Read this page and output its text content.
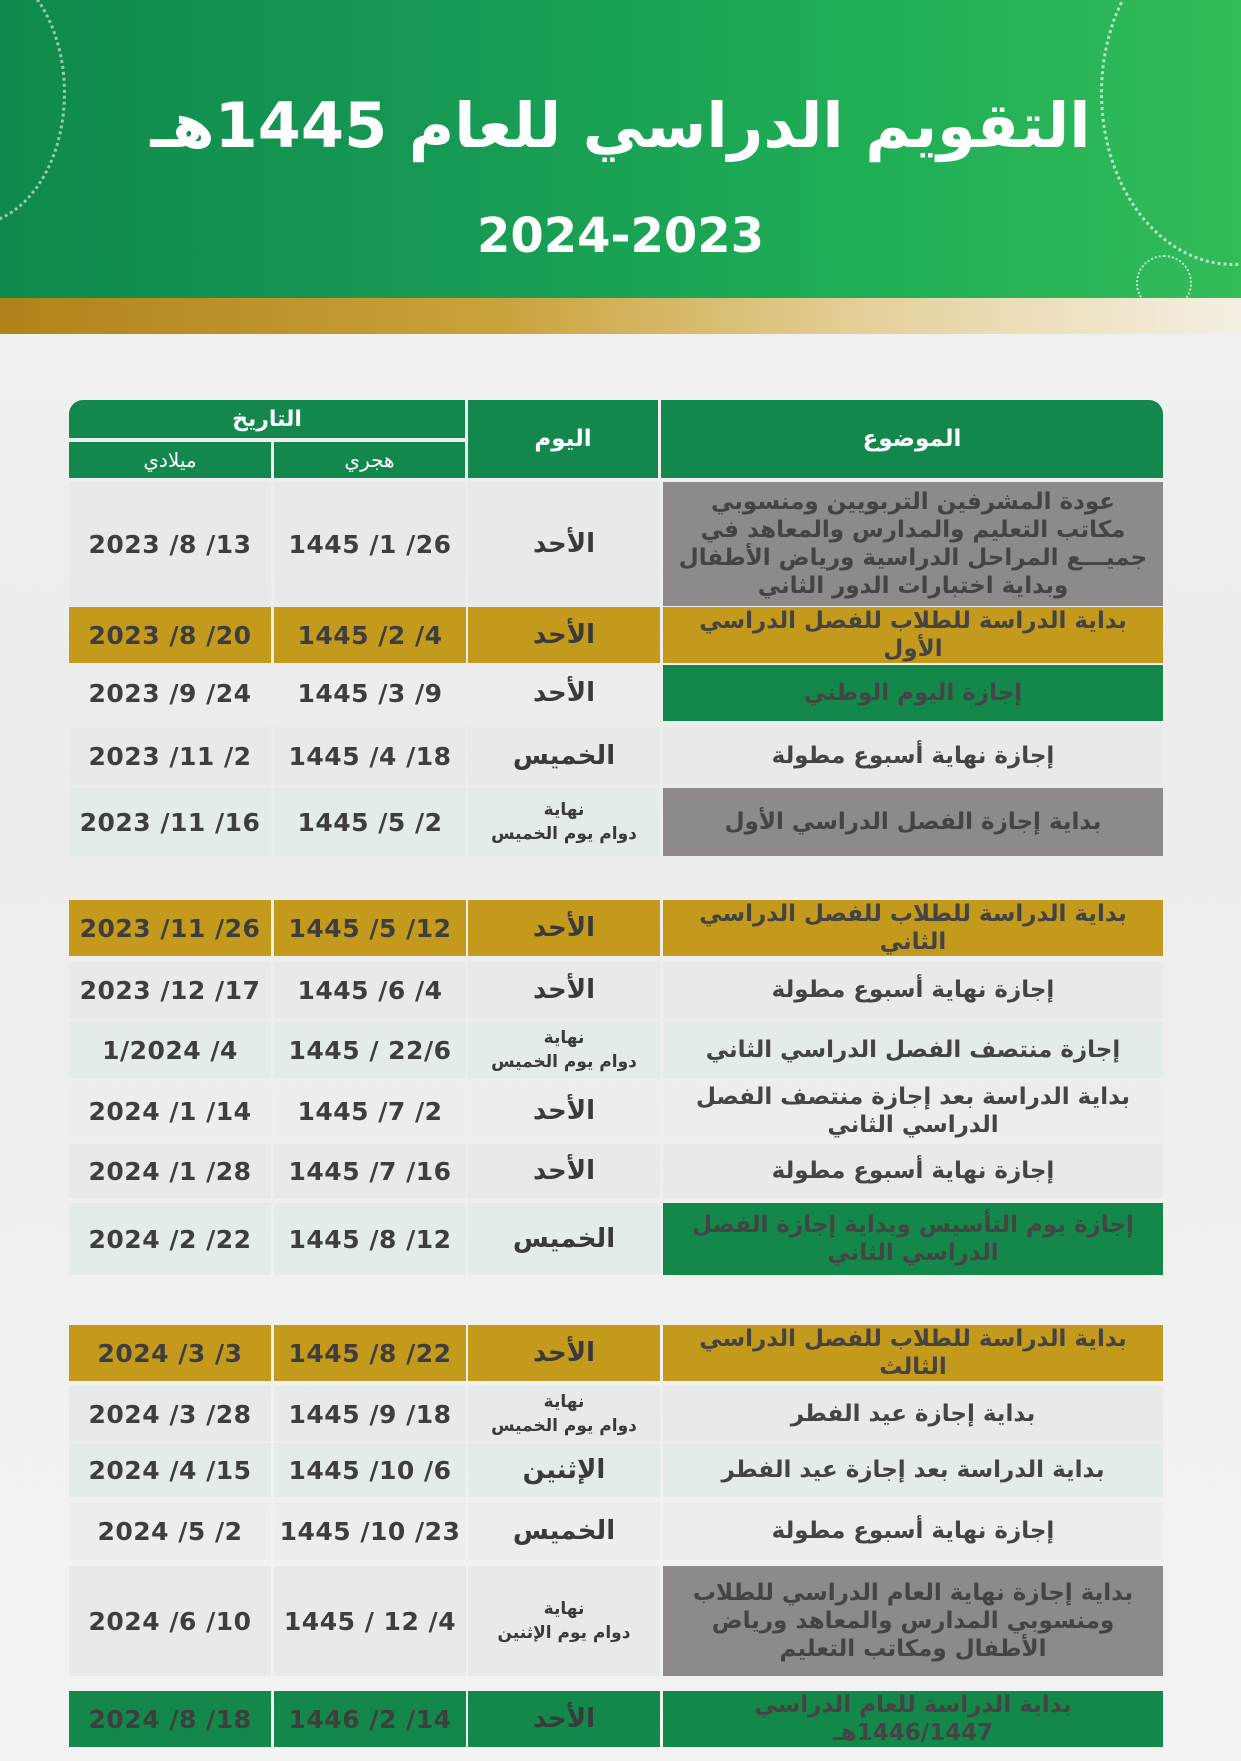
التقويم الدراسي للعام 1445هـ
2024-2023
الموضوع
اليوم
التاريخ
هجري
ميلادي
عودة المشرفين التربويين ومنسوبي مكاتب التعليم والمدارس والمعاهد في جميـــع المراحل الدراسية ورياض الأطفال وبداية اختبارات الدور الثاني
الأحد
26/ 1/ 1445
13/ 8/ 2023
بداية الدراسة للطلاب للفصل الدراسي الأول
الأحد
4/ 2/ 1445
20/ 8/ 2023
إجازة اليوم الوطني
الأحد
9/ 3/ 1445
24/ 9/ 2023
إجازة نهاية أسبوع مطولة
الخميس
18/ 4/ 1445
2/ 11/ 2023
بداية إجازة الفصل الدراسي الأول
نهاية
دوام يوم الخميس
2/ 5/ 1445
16/ 11/ 2023
بداية الدراسة للطلاب للفصل الدراسي الثاني
الأحد
12/ 5/ 1445
26/ 11/ 2023
إجازة نهاية أسبوع مطولة
الأحد
4/ 6/ 1445
17/ 12/ 2023
إجازة منتصف الفصل الدراسي الثاني
نهاية
دوام يوم الخميس
22/6 / 1445
4/ 1/2024
بداية الدراسة بعد إجازة منتصف الفصل الدراسي الثاني
الأحد
2/ 7/ 1445
14/ 1/ 2024
إجازة نهاية أسبوع مطولة
الأحد
16/ 7/ 1445
28/ 1/ 2024
إجازة يوم التأسيس وبداية إجازة الفصل الدراسي الثاني
الخميس
12/ 8/ 1445
22/ 2/ 2024
بداية الدراسة للطلاب للفصل الدراسي الثالث
الأحد
22/ 8/ 1445
3/ 3/ 2024
بداية إجازة عيد الفطر
نهاية
دوام يوم الخميس
18/ 9/ 1445
28/ 3/ 2024
بداية الدراسة بعد إجازة عيد الفطر
الإثنين
6/ 10/ 1445
15/ 4/ 2024
إجازة نهاية أسبوع مطولة
الخميس
23/ 10/ 1445
2/ 5/ 2024
بداية إجازة نهاية العام الدراسي للطلاب ومنسوبي المدارس والمعاهد ورياض الأطفال ومكاتب التعليم
نهاية
دوام يوم الإثنين
4/ 12 / 1445
10/ 6/ 2024
بداية الدراسة للعام الدراسي 1446/1447هـ
الأحد
14/ 2/ 1446
18/ 8/ 2024
